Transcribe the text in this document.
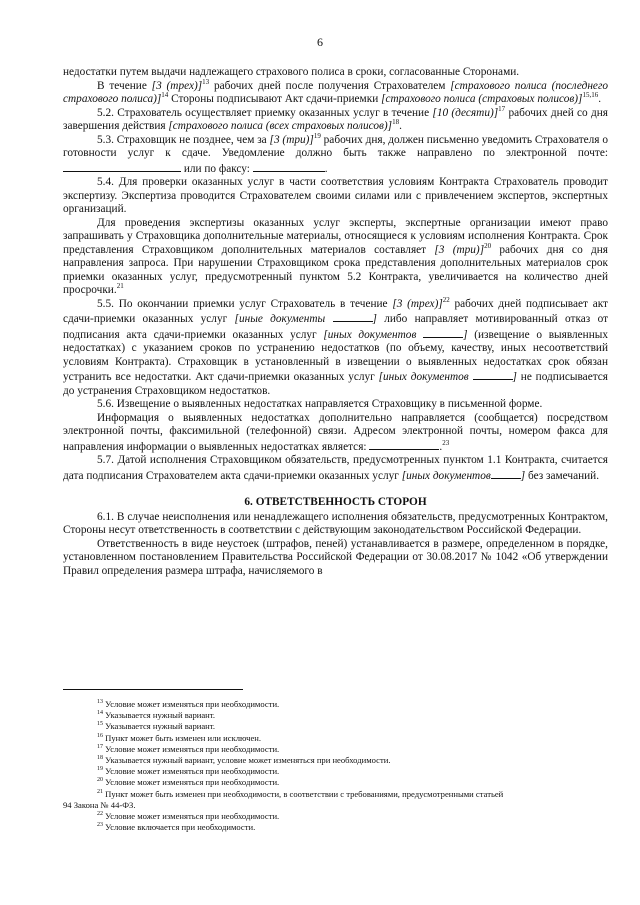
6

недостатки путем выдачи надлежащего страхового полиса в сроки, согласованные Сторонами.

В течение [3 (трех)]$^{13}$ рабочих дней после получения Страхователем [страхового полиса (последнего страхового полиса)]$^{14}$ Стороны подписывают Акт сдачи-приемки [страхового полиса (страховых полисов)]$^{15,16}$.

5.2. Страхователь осуществляет приемку оказанных услуг в течение [10 (десяти)]$^{17}$ рабочих дней со дня завершения действия [страхового полиса (всех страховых полисов)]$^{18}$.

5.3. Страховщик не позднее, чем за [3 (три)]$^{19}$ рабочих дня, должен письменно уведомить Страхователя о готовности услуг к сдаче. Уведомление должно быть также направлено по электронной почте:  или по факсу:	.

5.4. Для проверки оказанных услуг в части соответствия условиям Контракта Страхователь проводит экспертизу. Экспертиза проводится Страхователем своими силами или с привлечением экспертов, экспертных организаций.

Для проведения экспертизы оказанных услуг эксперты, экспертные организации имеют право запрашивать у Страховщика дополнительные материалы, относящиеся к условиям исполнения Контракта. Срок представления Страховщиком дополнительных материалов составляет [3 (три)]$^{20}$ рабочих дня со дня направления запроса. При нарушении Страховщиком срока представления дополнительных материалов срок приемки оказанных услуг, предусмотренный пунктом 5.2 Контракта, увеличивается на количество дней просрочки.$^{21}$

5.5. По окончании приемки услуг Страхователь в течение [3 (трех)]$^{22}$ рабочих дней подписывает акт сдачи-приемки оказанных услуг [иные документы	] либо направляет мотивированный отказ от подписания акта сдачи-приемки оказанных услуг [иных документов	] (извещение о выявленных недостатках) с указанием сроков по устранению недостатков (по объему, качеству, иных несоответствий условиям Контракта). Страховщик в установленный в извещении о выявленных недостатках срок обязан устранить все недостатки. Акт сдачи-приемки оказанных услуг [иных документов	] не подписывается до устранения Страховщиком недостатков.

5.6. Извещение о выявленных недостатках направляется Страховщику в письменной форме.

Информация о выявленных недостатках дополнительно направляется (сообщается) посредством электронной почты, факсимильной (телефонной) связи. Адресом электронной почты, номером факса для направления информации о выявленных недостатках является:	.$^{23}$

5.7. Датой исполнения Страховщиком обязательств, предусмотренных пунктом 1.1 Контракта, считается дата подписания Страхователем акта сдачи-приемки оказанных услуг [иных документов	] без замечаний.

6. ОТВЕТСТВЕННОСТЬ СТОРОН

6.1. В случае неисполнения или ненадлежащего исполнения обязательств, предусмотренных Контрактом, Стороны несут ответственность в соответствии с действующим законодательством Российской Федерации.

Ответственность в виде неустоек (штрафов, пеней) устанавливается в размере, определенном в порядке, установленном постановлением Правительства Российской Федерации от 30.08.2017 № 1042 «Об утверждении Правил определения размера штрафа, начисляемого в

$^{13}$ Условие может изменяться при необходимости.
$^{14}$ Указывается нужный вариант.
$^{15}$ Указывается нужный вариант.
$^{16}$ Пункт может быть изменен или исключен.
$^{17}$ Условие может изменяться при необходимости.
$^{18}$ Указывается нужный вариант, условие может изменяться при необходимости.
$^{19}$ Условие может изменяться при необходимости.
$^{20}$ Условие может изменяться при необходимости.
$^{21}$ Пункт может быть изменен при необходимости, в соответствии с требованиями, предусмотренными статьей
94 Закона № 44-ФЗ.
$^{22}$ Условие может изменяться при необходимости.
$^{23}$ Условие включается при необходимости.
